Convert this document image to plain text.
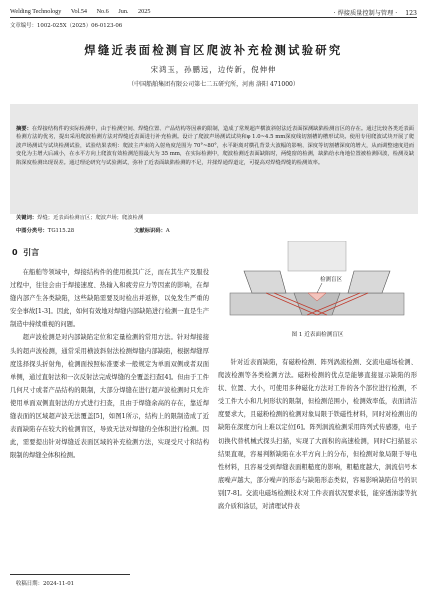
Welding Technology Vol.54 No.6 Jun. 2025	· 焊接质量控制与管理 · 123
文章编号：1002-025X（2025）06-0123-06
焊缝近表面检测盲区爬波补充检测试验研究
宋鸿玉，孙鹏远，边传新，倪伸伸
（中国船舶集团有限公司第七二五研究所，河南 洛阳 471000）
摘要：在焊接结构件的实际检测中，由于检测空间、焊缝位置、产品结构等因素的限制，造成了常规超声横波斜射法近表面探测缺陷检测盲区的存在。通过比较各类近表面检测方法的优劣，提出采用爬波检测方法对焊缝近表面进行补充检测。设计了爬波声场测试试块和φ 1.0~4.5 mm深度线切割槽的槽形试块。使用专用爬波试块开展了爬波声场测试与试块检测试验，试验结果表明：爬波主声束的入射角度范围为 70°~80°，水平距离对横孔背景大波幅的影响、深度等切割槽深度的增大，从而调整速度进而变化为主增大后减小，在水平方向上爬波有效检测范围最大为 35 mm，在实际检测中，爬波检测近表面缺陷时，两缝窗的检测，缺陷给水角地位置被检测回波，检测及缺陷深度检测出现误差。通过理论研究与试验测试，弥补了近表面缺陷检测的不足，并揉焊通焊道定，可提高对焊缝焊缝的检测效率。
关键词：焊缝；近表面检测盲区；爬波声场；爬波检测
中图分类号：TG115.28	文献标识码：A
0 引言

在船舶等领域中，焊接结构件的使用极其广泛，而在其生产及服役过程中，往往会由于焊接速度、热输入和疲劳应力等因素的影响，在焊缝内部产生各类缺陷，这些缺陷需要及时检出并返修，以免发生严重的安全事故[1-3]。因此，如何有效地对焊缝内部缺陷进行检测一直是生产制造中持续重视的问题。

超声波检测是对内部缺陷定位和定量检测的常用方法。针对焊接接头的超声波检测，通常采用横波斜射法检测焊缝内部缺陷，根据焊缝厚度选择探头折射角，检测面按照标准要求一般规定为单面双侧或者双面单侧，通过直射法和一次反射法完成焊缝的全覆盖扫查[4]。但由于工件几何尺寸或者产品结构的限制，大部分焊缝在进行超声波检测时只允许使用单面双侧直射法的方式进行扫查，且由于焊缝余高的存在，靠近焊缝表面的区域超声波无法覆盖[5]，如图1所示，结构上的限制造成了近表面缺陷存在较大的检测盲区，导致无法对焊缝的全体积进行检测。因此，需要提出针对焊缝近表面区域的补充检测方法，实现受尺寸和结构限制的焊缝全体积检测。

检测盲区
图 1 近表面检测盲区

针对近表面缺陷，有磁粉检测、阵列涡流检测、交流电磁场检测、爬波检测等各类检测方法。磁粉检测的优点是能够直接显示缺陷的形状、位置、大小，可使用多种磁化方法对工件的各个部位进行检测，不受工件大小和几何形状的限制，但检测范围小，检测效率低，表面清洁度要求大，且磁粉检测的检测对象局限于铁磁性材料，同时对检测出的缺陷在深度方向上难以定位[6]。阵列涡流检测采用阵列式传感器，电子切换代替机械式探头扫描，实现了大面积的高速检测，同时C扫描显示结果直观，容易判断缺陷在水平方向上的分布，但检测对象局限于导电性材料，且容易受到焊缝表面粗糙度的影响，粗糙度越大，涡流信号本底噪声越大，部分噪声的形态与缺陷形态类似，容易影响缺陷信号的识别[7-8]。交流电磁场检测技术对工件表面状况要求低，能穿透油漆等抗腐介质和涂层，对清理试件表

收稿日期：2024-11-01
